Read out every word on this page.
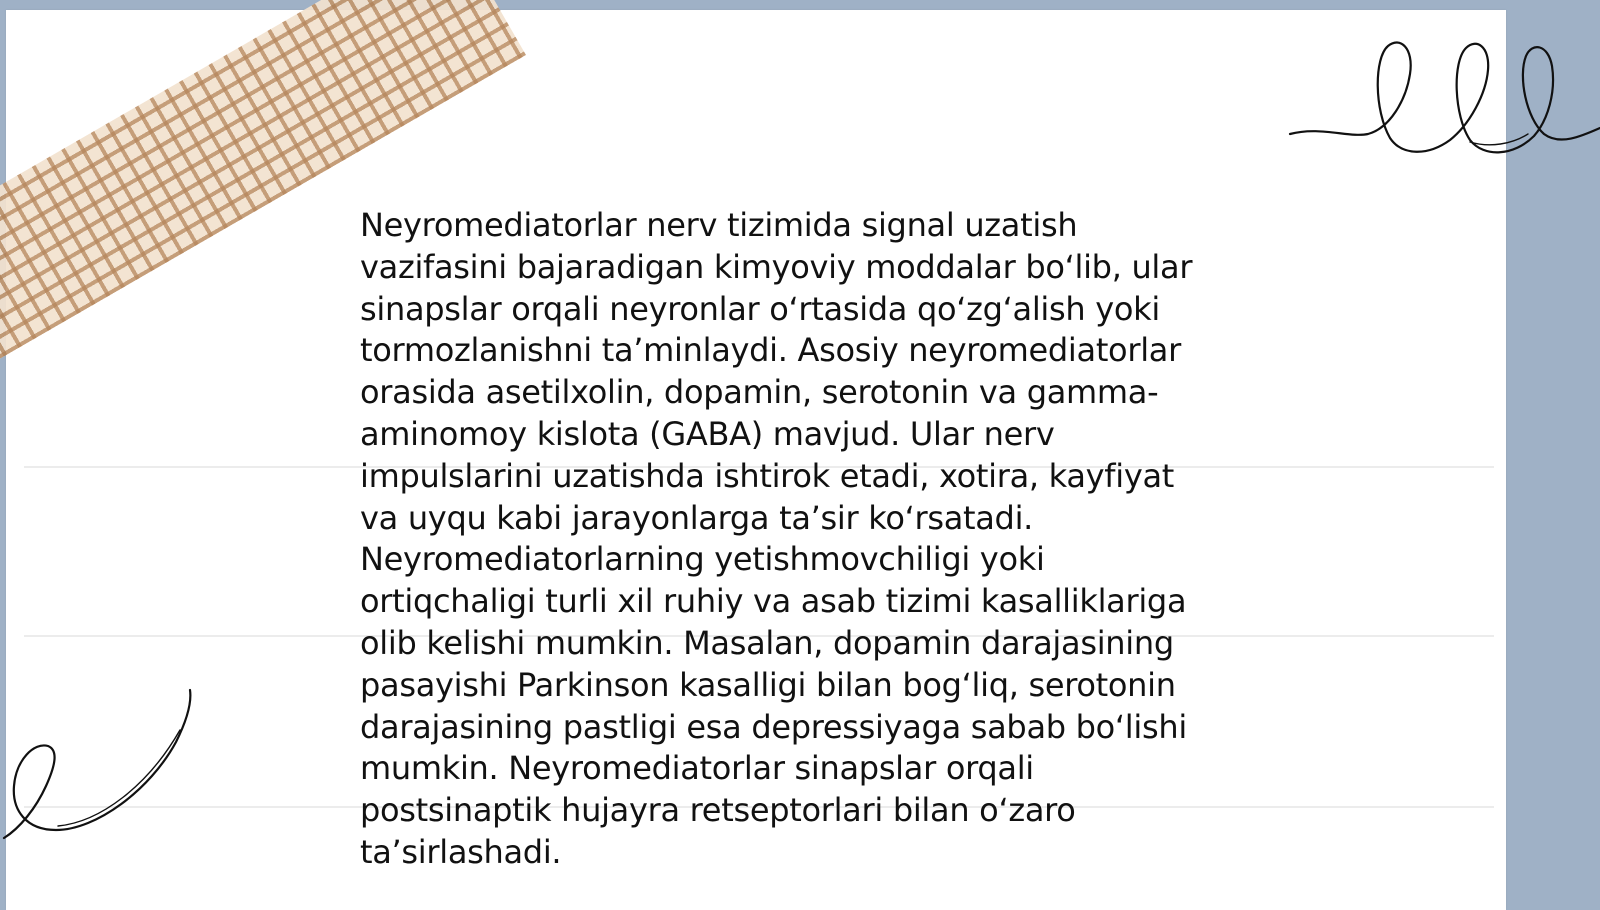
Neyromediatorlar nerv tizimida signal uzatish vazifasini bajaradigan kimyoviy moddalar bo‘lib, ular sinapslar orqali neyronlar o‘rtasida qo‘zg‘alish yoki tormozlanishni ta’minlaydi. Asosiy neyromediatorlar orasida asetilxolin, dopamin, serotonin va gamma-aminomoy kislota (GABA) mavjud. Ular nerv impulslarini uzatishda ishtirok etadi, xotira, kayfiyat va uyqu kabi jarayonlarga ta’sir ko‘rsatadi. Neyromediatorlarning yetishmovchiligi yoki ortiqchaligi turli xil ruhiy va asab tizimi kasalliklariga olib kelishi mumkin. Masalan, dopamin darajasining pasayishi Parkinson kasalligi bilan bog‘liq, serotonin darajasining pastligi esa depressiyaga sabab bo‘lishi mumkin. Neyromediatorlar sinapslar orqali postsinaptik hujayra retseptorlari bilan o‘zaro ta’sirlashadi.
